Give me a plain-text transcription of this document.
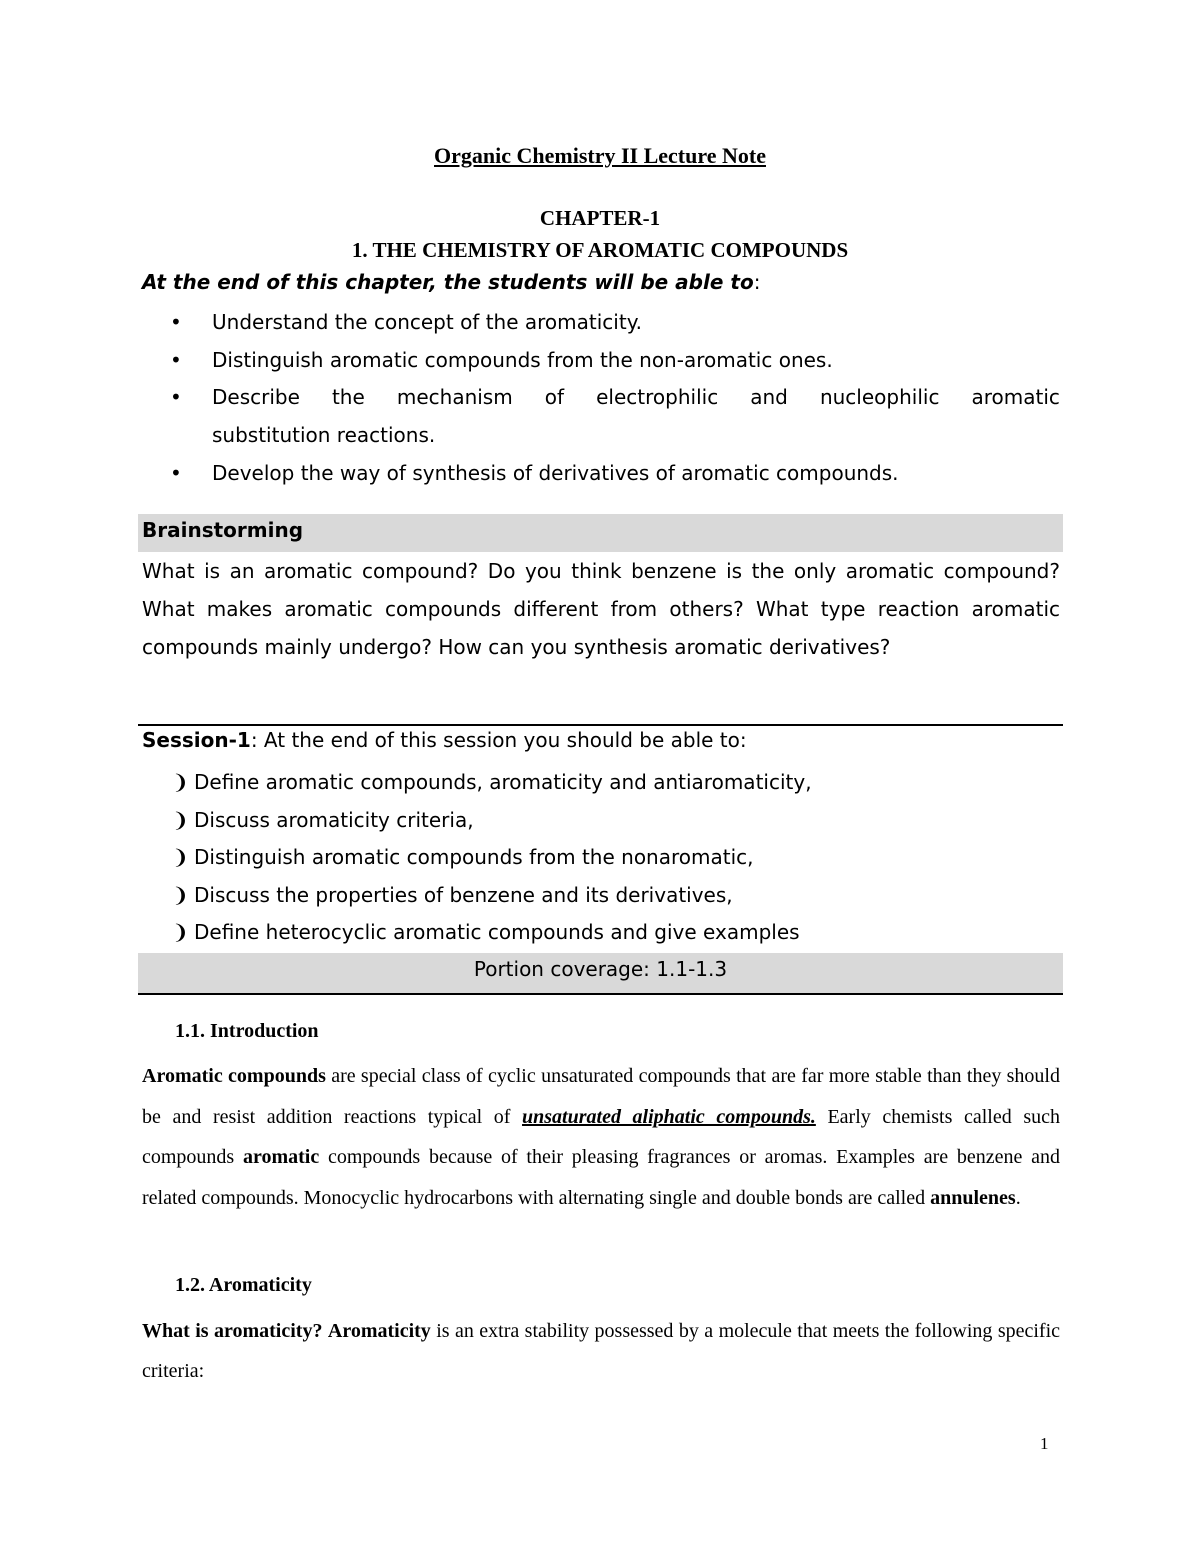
Organic Chemistry II Lecture Note
CHAPTER-1
1. THE CHEMISTRY OF AROMATIC COMPOUNDS
At the end of this chapter, the students will be able to:
• Understand the concept of the aromaticity.
• Distinguish aromatic compounds from the non-aromatic ones.
• Describe the mechanism of electrophilic and nucleophilic aromatic
substitution reactions.
• Develop the way of synthesis of derivatives of aromatic compounds.
Brainstorming
What is an aromatic compound? Do you think benzene is the only aromatic compound? What makes aromatic compounds different from others? What type reaction aromatic compounds mainly undergo? How can you synthesis aromatic derivatives?
Session-1: At the end of this session you should be able to:
❩ Define aromatic compounds, aromaticity and antiaromaticity,
❩ Discuss aromaticity criteria,
❩ Distinguish aromatic compounds from the nonaromatic,
❩ Discuss the properties of benzene and its derivatives,
❩ Define heterocyclic aromatic compounds and give examples
Portion coverage: 1.1-1.3
1.1. Introduction
Aromatic compounds are special class of cyclic unsaturated compounds that are far more stable than they should be and resist addition reactions typical of unsaturated aliphatic compounds. Early chemists called such compounds aromatic compounds because of their pleasing fragrances or aromas. Examples are benzene and related compounds. Monocyclic hydrocarbons with alternating single and double bonds are called annulenes.
1.2. Aromaticity
What is aromaticity? Aromaticity is an extra stability possessed by a molecule that meets the following specific criteria:
1
